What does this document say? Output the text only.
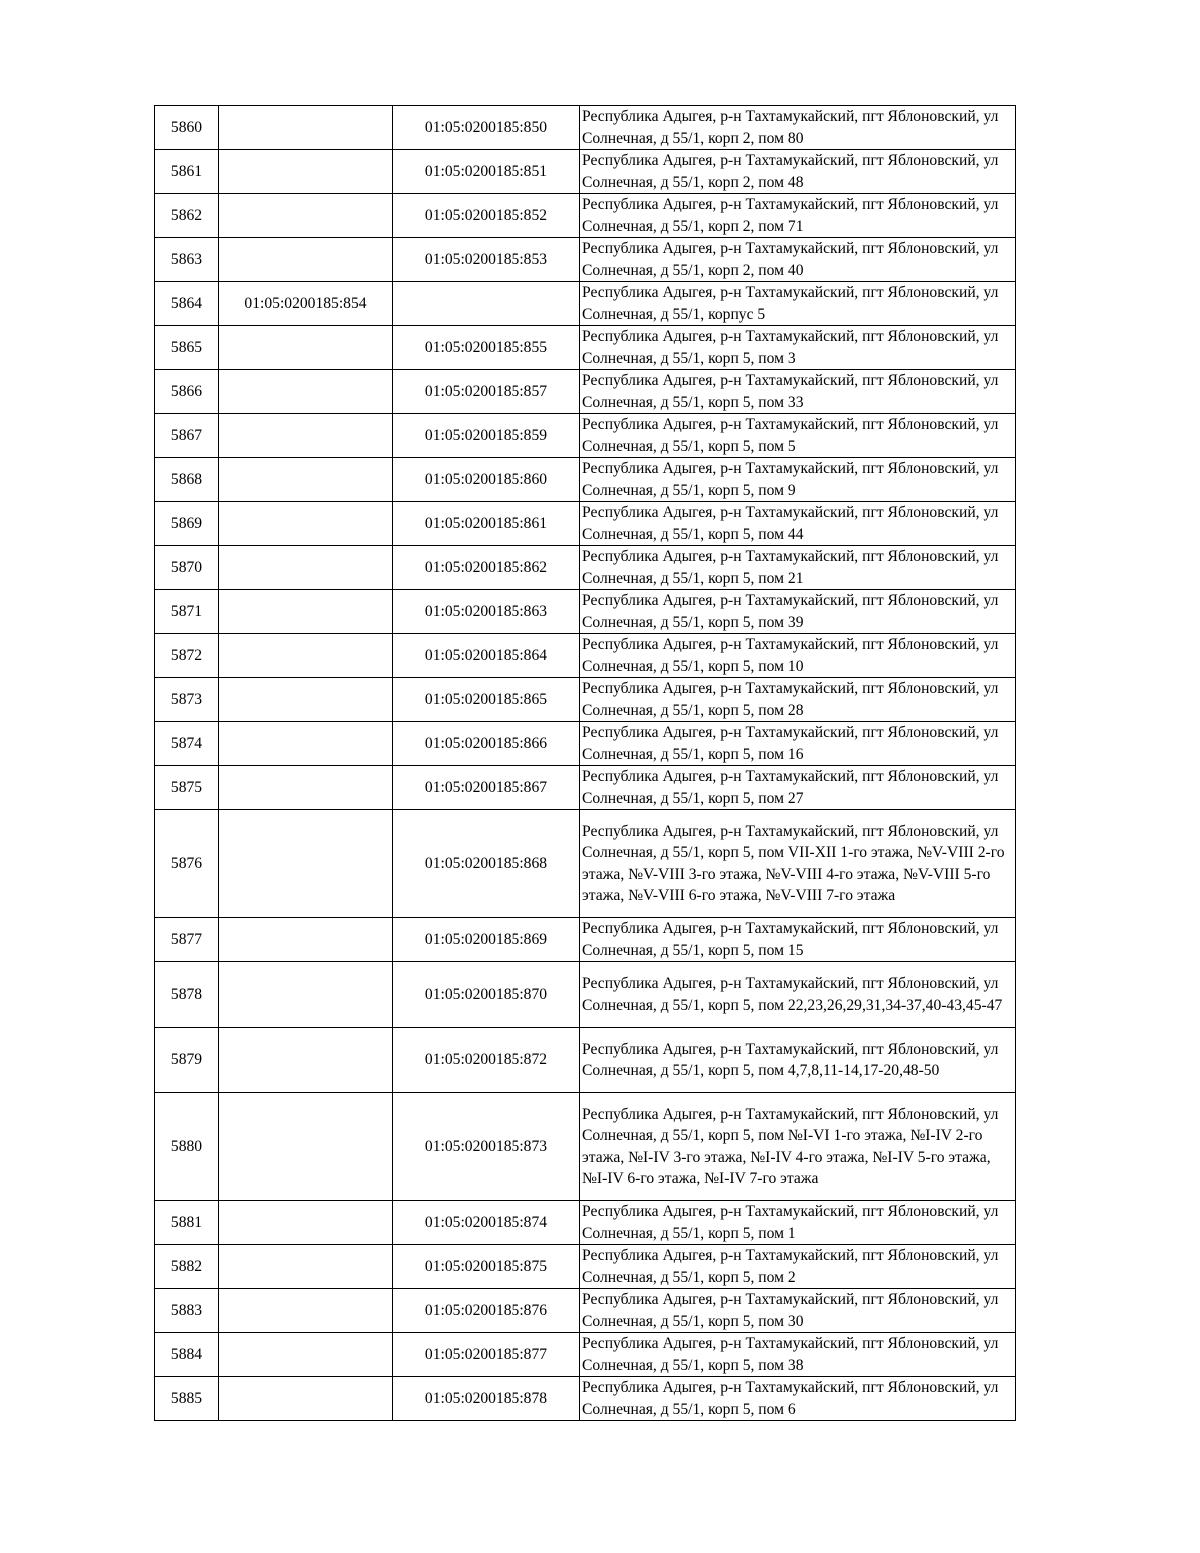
5860		01:05:0200185:850	Республика Адыгея, р-н Тахтамукайский, пгт Яблоновский, ул Солнечная, д 55/1, корп 2, пом 80
5861		01:05:0200185:851	Республика Адыгея, р-н Тахтамукайский, пгт Яблоновский, ул Солнечная, д 55/1, корп 2, пом 48
5862		01:05:0200185:852	Республика Адыгея, р-н Тахтамукайский, пгт Яблоновский, ул Солнечная, д 55/1, корп 2, пом 71
5863		01:05:0200185:853	Республика Адыгея, р-н Тахтамукайский, пгт Яблоновский, ул Солнечная, д 55/1, корп 2, пом 40
5864	01:05:0200185:854		Республика Адыгея, р-н Тахтамукайский, пгт Яблоновский, ул Солнечная, д 55/1, корпус 5
5865		01:05:0200185:855	Республика Адыгея, р-н Тахтамукайский, пгт Яблоновский, ул Солнечная, д 55/1, корп 5, пом 3
5866		01:05:0200185:857	Республика Адыгея, р-н Тахтамукайский, пгт Яблоновский, ул Солнечная, д 55/1, корп 5, пом 33
5867		01:05:0200185:859	Республика Адыгея, р-н Тахтамукайский, пгт Яблоновский, ул Солнечная, д 55/1, корп 5, пом 5
5868		01:05:0200185:860	Республика Адыгея, р-н Тахтамукайский, пгт Яблоновский, ул Солнечная, д 55/1, корп 5, пом 9
5869		01:05:0200185:861	Республика Адыгея, р-н Тахтамукайский, пгт Яблоновский, ул Солнечная, д 55/1, корп 5, пом 44
5870		01:05:0200185:862	Республика Адыгея, р-н Тахтамукайский, пгт Яблоновский, ул Солнечная, д 55/1, корп 5, пом 21
5871		01:05:0200185:863	Республика Адыгея, р-н Тахтамукайский, пгт Яблоновский, ул Солнечная, д 55/1, корп 5, пом 39
5872		01:05:0200185:864	Республика Адыгея, р-н Тахтамукайский, пгт Яблоновский, ул Солнечная, д 55/1, корп 5, пом 10
5873		01:05:0200185:865	Республика Адыгея, р-н Тахтамукайский, пгт Яблоновский, ул Солнечная, д 55/1, корп 5, пом 28
5874		01:05:0200185:866	Республика Адыгея, р-н Тахтамукайский, пгт Яблоновский, ул Солнечная, д 55/1, корп 5, пом 16
5875		01:05:0200185:867	Республика Адыгея, р-н Тахтамукайский, пгт Яблоновский, ул Солнечная, д 55/1, корп 5, пом 27
5876		01:05:0200185:868	Республика Адыгея, р-н Тахтамукайский, пгт Яблоновский, ул Солнечная, д 55/1, корп 5, пом VII-XII 1-го этажа, №V-VIII 2-го этажа, №V-VIII 3-го этажа, №V-VIII 4-го этажа, №V-VIII 5-го этажа, №V-VIII 6-го этажа, №V-VIII 7-го этажа
5877		01:05:0200185:869	Республика Адыгея, р-н Тахтамукайский, пгт Яблоновский, ул Солнечная, д 55/1, корп 5, пом 15
5878		01:05:0200185:870	Республика Адыгея, р-н Тахтамукайский, пгт Яблоновский, ул Солнечная, д 55/1, корп 5, пом 22,23,26,29,31,34-37,40-43,45-47
5879		01:05:0200185:872	Республика Адыгея, р-н Тахтамукайский, пгт Яблоновский, ул Солнечная, д 55/1, корп 5, пом 4,7,8,11-14,17-20,48-50
5880		01:05:0200185:873	Республика Адыгея, р-н Тахтамукайский, пгт Яблоновский, ул Солнечная, д 55/1, корп 5, пом №I-VI 1-го этажа, №I-IV 2-го этажа, №I-IV 3-го этажа, №I-IV 4-го этажа, №I-IV 5-го этажа, №I-IV 6-го этажа, №I-IV 7-го этажа
5881		01:05:0200185:874	Республика Адыгея, р-н Тахтамукайский, пгт Яблоновский, ул Солнечная, д 55/1, корп 5, пом 1
5882		01:05:0200185:875	Республика Адыгея, р-н Тахтамукайский, пгт Яблоновский, ул Солнечная, д 55/1, корп 5, пом 2
5883		01:05:0200185:876	Республика Адыгея, р-н Тахтамукайский, пгт Яблоновский, ул Солнечная, д 55/1, корп 5, пом 30
5884		01:05:0200185:877	Республика Адыгея, р-н Тахтамукайский, пгт Яблоновский, ул Солнечная, д 55/1, корп 5, пом 38
5885		01:05:0200185:878	Республика Адыгея, р-н Тахтамукайский, пгт Яблоновский, ул Солнечная, д 55/1, корп 5, пом 6
